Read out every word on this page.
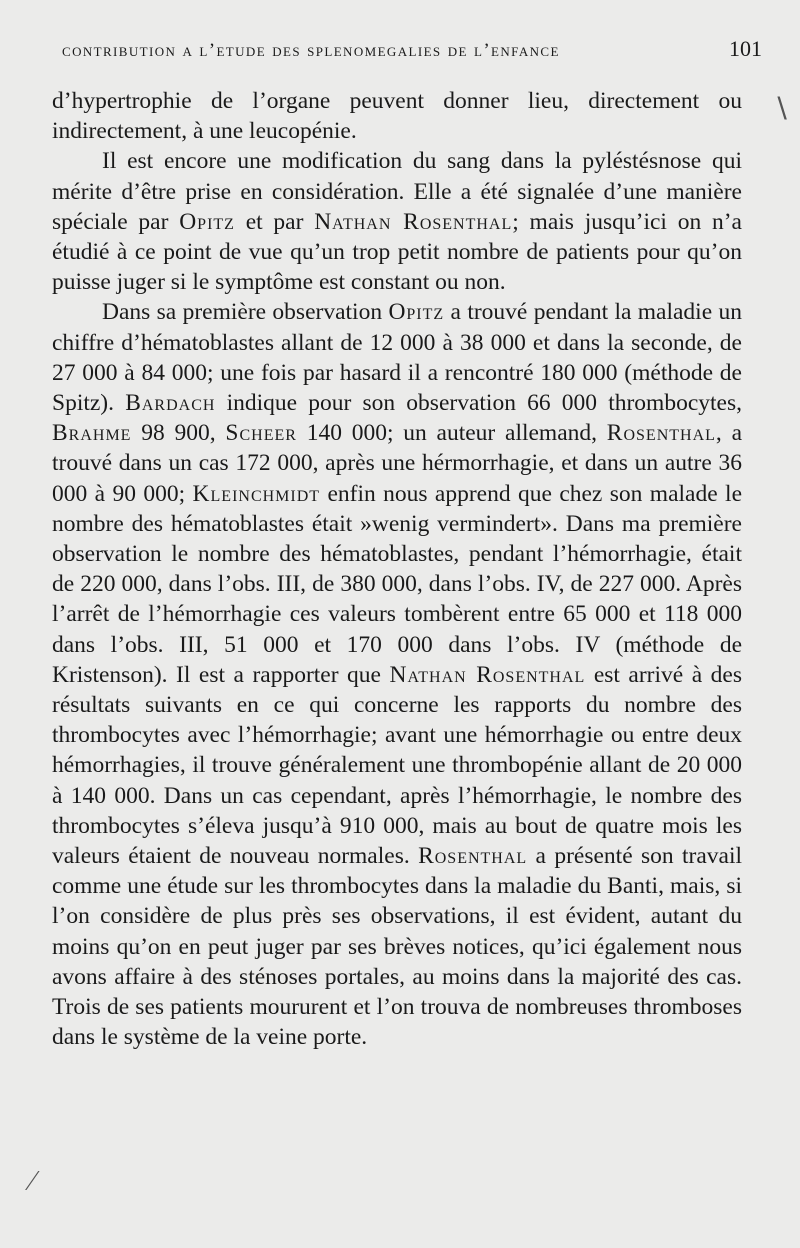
contribution a l’etude des splenomegalies de l’enfance	101

d’hypertrophie de l’organe peuvent donner lieu, directement ou indirectement, à une leucopénie.

Il est encore une modification du sang dans la pyléstésnose qui mérite d’être prise en considération. Elle a été signalée d’une manière spéciale par Opitz et par Nathan Rosenthal; mais jusqu’ici on n’a étudié à ce point de vue qu’un trop petit nombre de patients pour qu’on puisse juger si le symptôme est constant ou non.

Dans sa première observation Opitz a trouvé pendant la maladie un chiffre d’hématoblastes allant de 12 000 à 38 000 et dans la seconde, de 27 000 à 84 000; une fois par hasard il a rencontré 180 000 (méthode de Spitz). Bardach indique pour son observation 66 000 thrombocytes, Brahme 98 900, Scheer 140 000; un auteur allemand, Rosenthal, a trouvé dans un cas 172 000, après une hérmorrhagie, et dans un autre 36 000 à 90 000; Kleinchmidt enfin nous apprend que chez son malade le nombre des hématoblastes était »wenig vermindert». Dans ma première observation le nombre des hématoblastes, pendant l’hémorrhagie, était de 220 000, dans l’obs. III, de 380 000, dans l’obs. IV, de 227 000. Après l’arrêt de l’hémorrhagie ces valeurs tombèrent entre 65 000 et 118 000 dans l’obs. III, 51 000 et 170 000 dans l’obs. IV (méthode de Kristenson). Il est a rapporter que Nathan Rosenthal est arrivé à des résultats suivants en ce qui concerne les rapports du nombre des thrombocytes avec l’hémorrhagie; avant une hémorrhagie ou entre deux hémorrhagies, il trouve généralement une thrombopénie allant de 20 000 à 140 000. Dans un cas cependant, après l’hémorrhagie, le nombre des thrombocytes s’éleva jusqu’à 910 000, mais au bout de quatre mois les valeurs étaient de nouveau normales. Rosenthal a présenté son travail comme une étude sur les thrombocytes dans la maladie du Banti, mais, si l’on considère de plus près ses observations, il est évident, autant du moins qu’on en peut juger par ses brèves notices, qu’ici également nous avons affaire à des sténoses portales, au moins dans la majorité des cas. Trois de ses patients moururent et l’on trouva de nombreuses thromboses dans le système de la veine porte.

∖
⁄
